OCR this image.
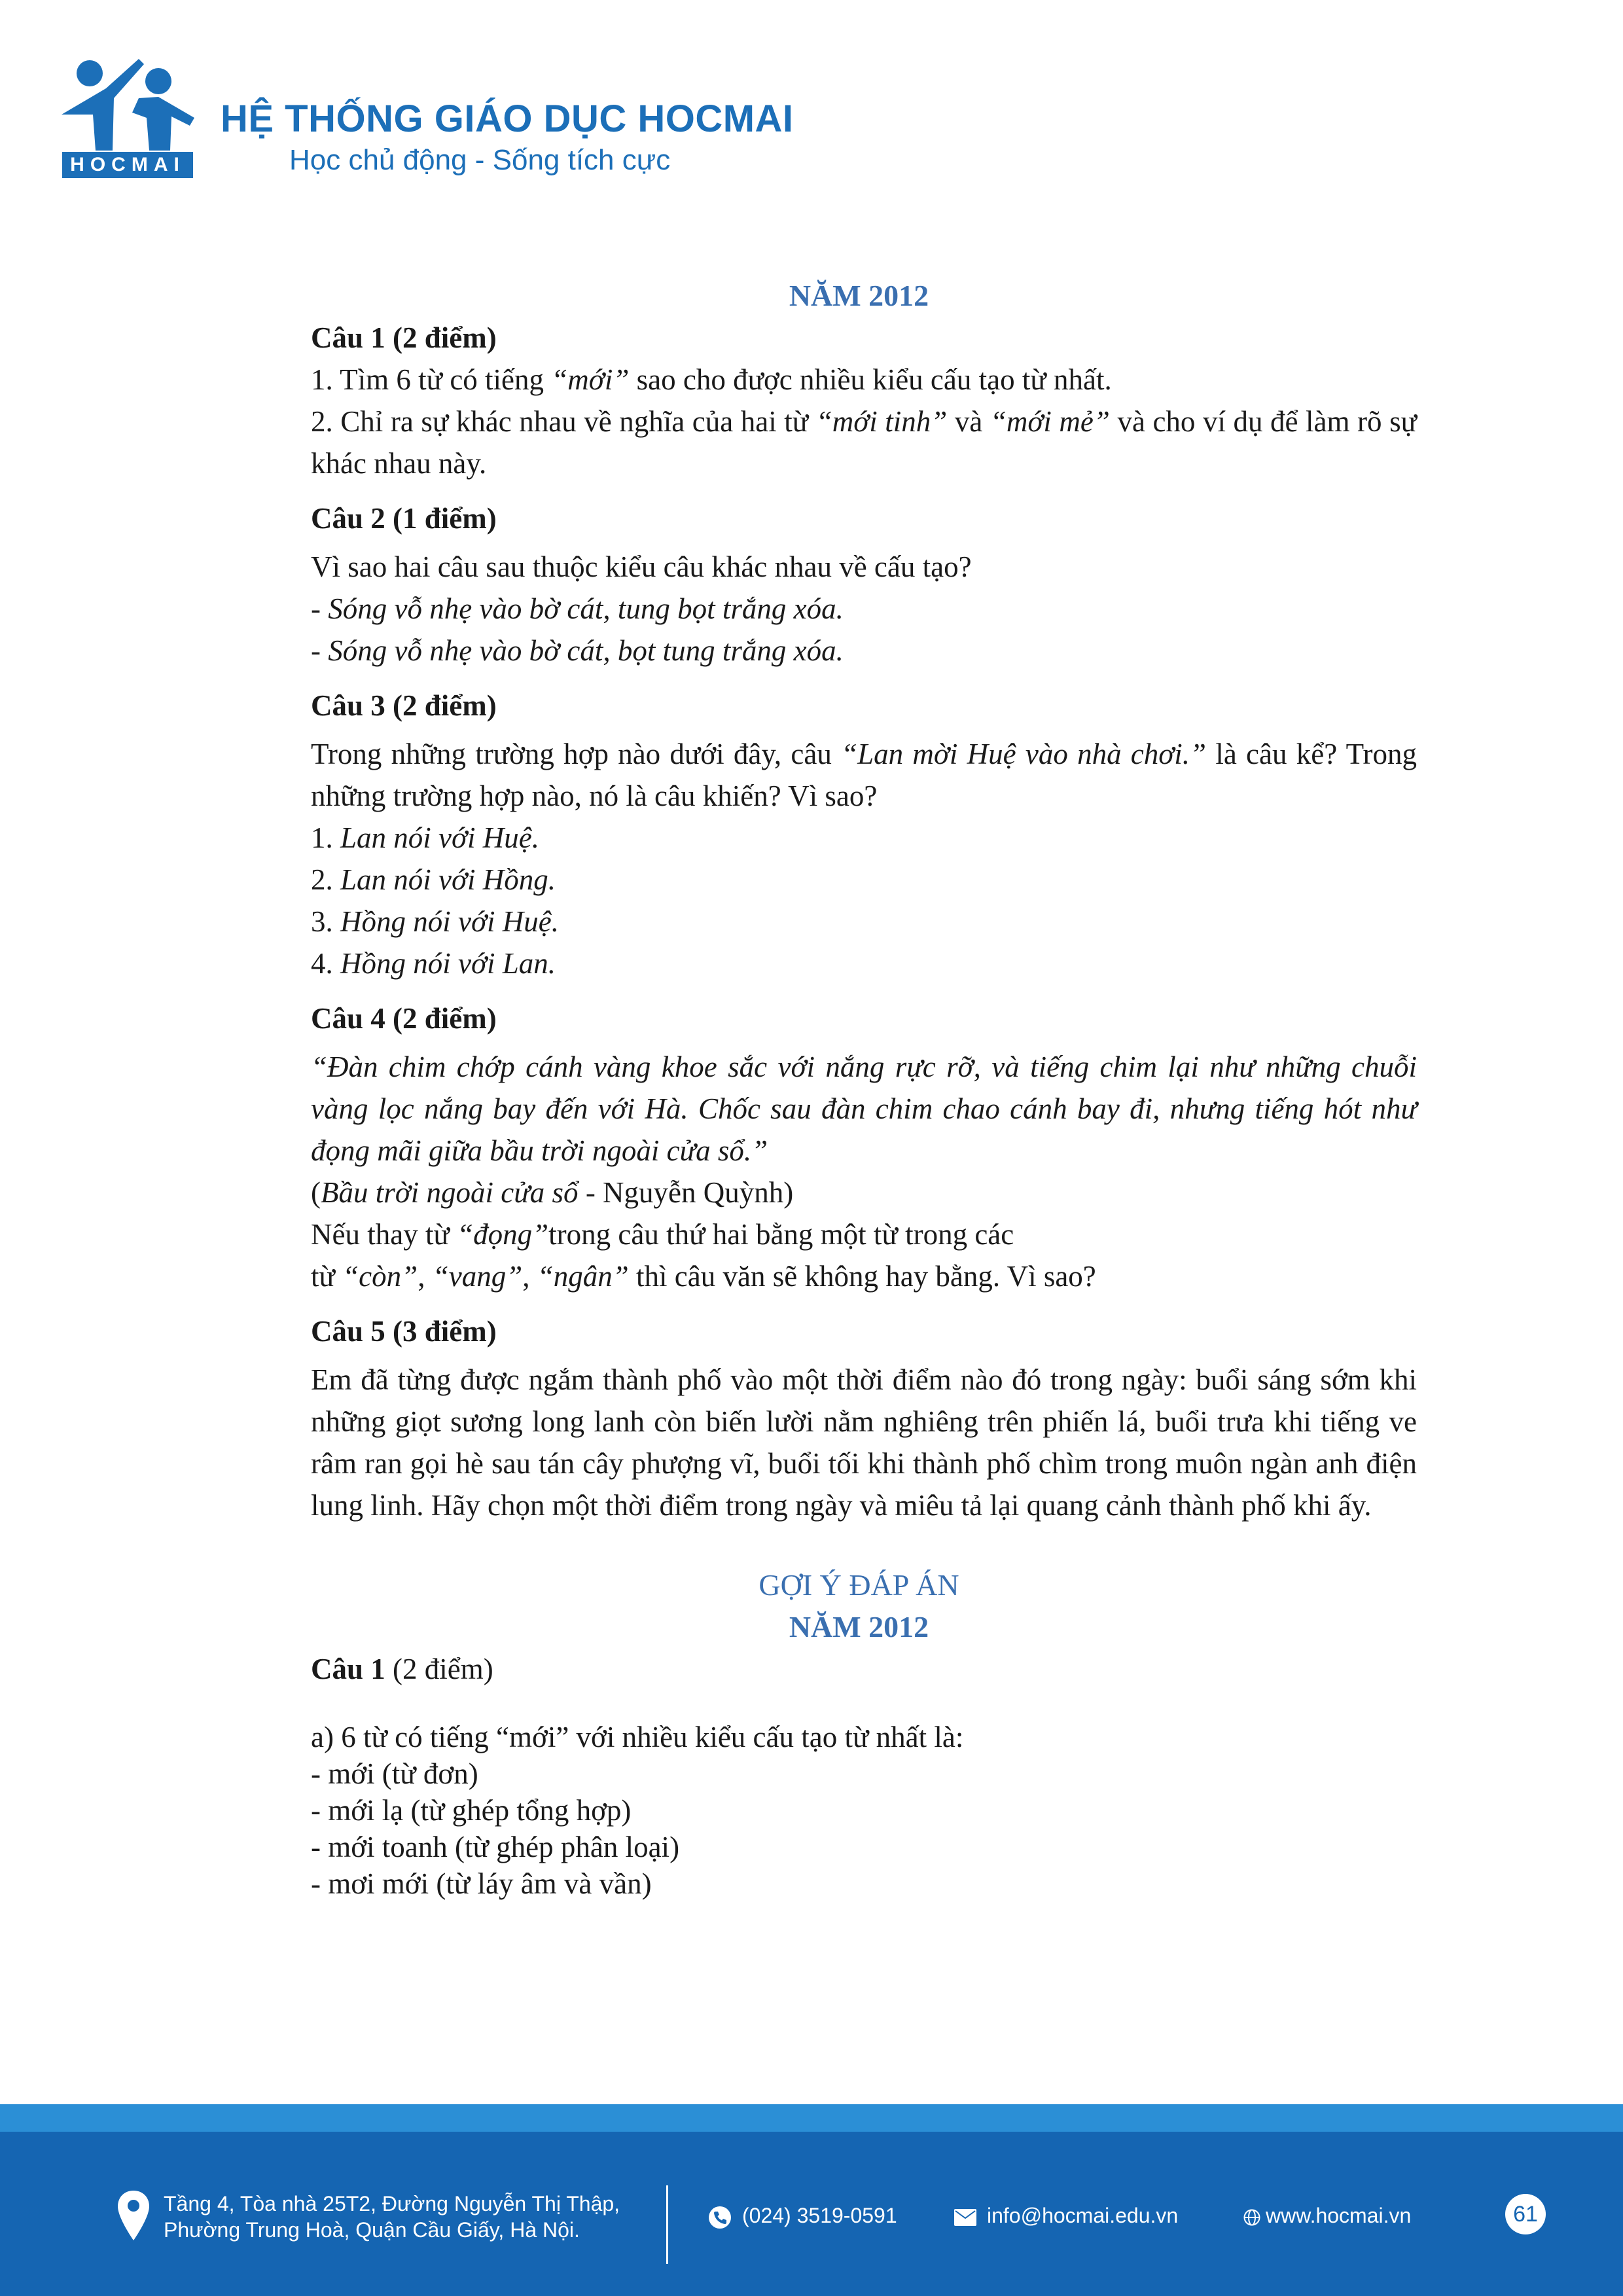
HOCMAI
HỆ THỐNG GIÁO DỤC HOCMAI
Học chủ động - Sống tích cực
NĂM 2012
Câu 1 (2 điểm)
1. Tìm 6 từ có tiếng “mới” sao cho được nhiều kiểu cấu tạo từ nhất.
2. Chỉ ra sự khác nhau về nghĩa của hai từ “mới tinh” và “mới mẻ” và cho ví dụ để làm rõ sự khác nhau này.
Câu 2 (1 điểm)
Vì sao hai câu sau thuộc kiểu câu khác nhau về cấu tạo?
- Sóng vỗ nhẹ vào bờ cát, tung bọt trắng xóa.
- Sóng vỗ nhẹ vào bờ cát, bọt tung trắng xóa.
Câu 3 (2 điểm)
Trong những trường hợp nào dưới đây, câu “Lan mời Huệ vào nhà chơi.” là câu kể? Trong những trường hợp nào, nó là câu khiến? Vì sao?
1. Lan nói với Huệ.
2. Lan nói với Hồng.
3. Hồng nói với Huệ.
4. Hồng nói với Lan.
Câu 4 (2 điểm)
“Đàn chim chớp cánh vàng khoe sắc với nắng rực rỡ, và tiếng chim lại như những chuỗi vàng lọc nắng bay đến với Hà. Chốc sau đàn chim chao cánh bay đi, nhưng tiếng hót như đọng mãi giữa bầu trời ngoài cửa sổ.”
(Bầu trời ngoài cửa sổ - Nguyễn Quỳnh)
Nếu thay từ “đọng”trong câu thứ hai bằng một từ trong các
từ “còn”, “vang”, “ngân” thì câu văn sẽ không hay bằng. Vì sao?
Câu 5 (3 điểm)
Em đã từng được ngắm thành phố vào một thời điểm nào đó trong ngày: buổi sáng sớm khi những giọt sương long lanh còn biến lười nằm nghiêng trên phiến lá, buổi trưa khi tiếng ve râm ran gọi hè sau tán cây phượng vĩ, buổi tối khi thành phố chìm trong muôn ngàn anh điện lung linh. Hãy chọn một thời điểm trong ngày và miêu tả lại quang cảnh thành phố khi ấy.
GỢI Ý ĐÁP ÁN
NĂM 2012
Câu 1 (2 điểm)
a) 6 từ có tiếng “mới” với nhiều kiểu cấu tạo từ nhất là:
- mới (từ đơn)
- mới lạ (từ ghép tổng hợp)
- mới toanh (từ ghép phân loại)
- mơi mới (từ láy âm và vần)
Tầng 4, Tòa nhà 25T2, Đường Nguyễn Thị Thập,
Phường Trung Hoà, Quận Cầu Giấy, Hà Nội.
(024) 3519-0591	info@hocmai.edu.vn	www.hocmai.vn	61
